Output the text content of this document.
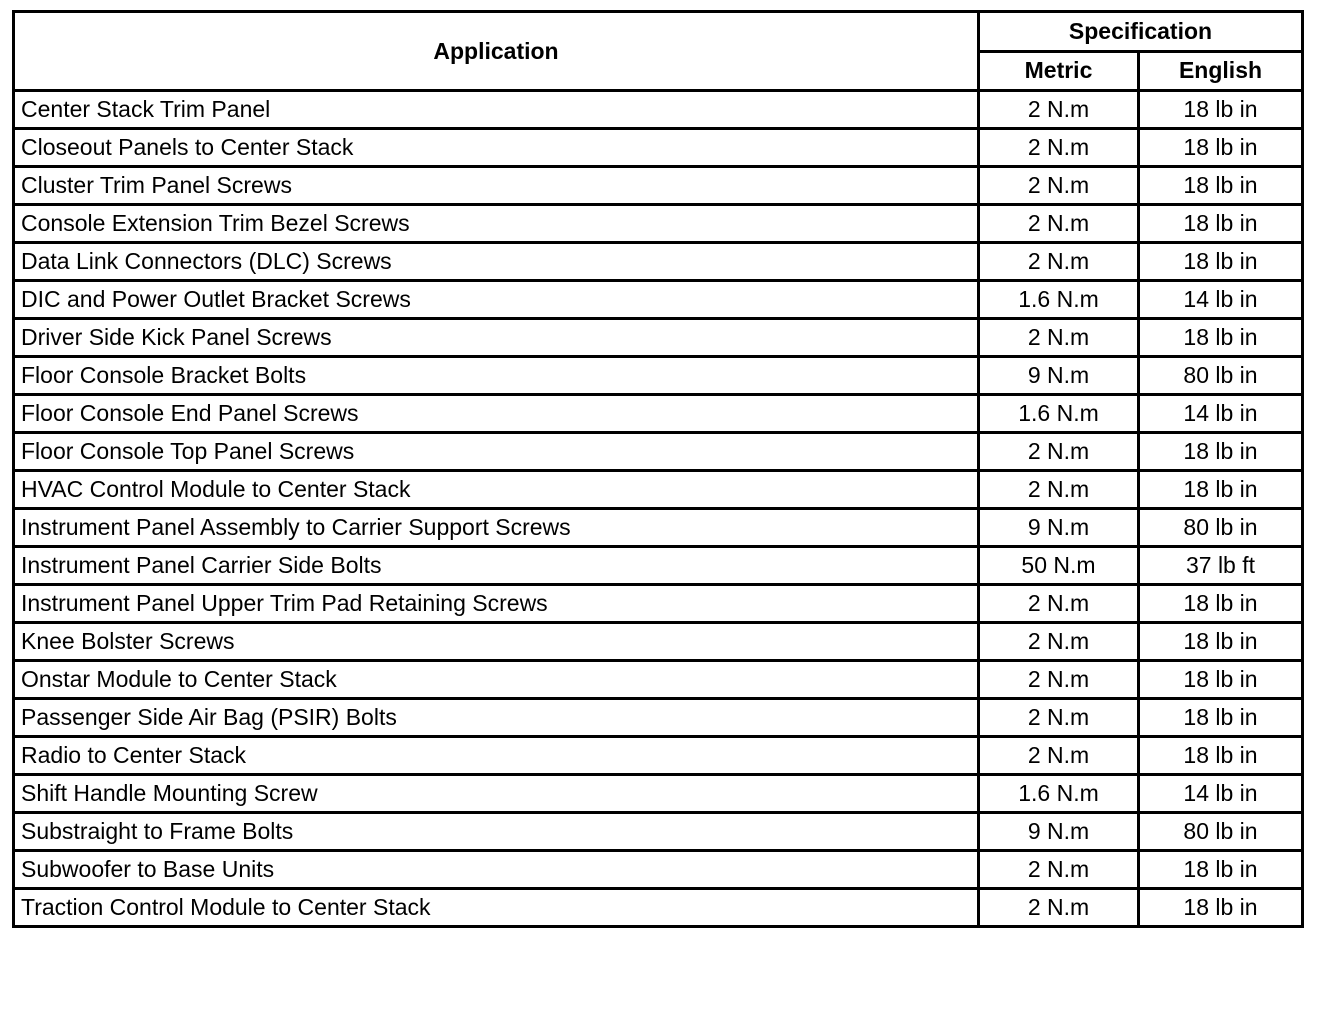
Application	Specification	
	Metric	English
Center Stack Trim Panel	2 N.m	18 lb in
Closeout Panels to Center Stack	2 N.m	18 lb in
Cluster Trim Panel Screws	2 N.m	18 lb in
Console Extension Trim Bezel Screws	2 N.m	18 lb in
Data Link Connectors (DLC) Screws	2 N.m	18 lb in
DIC and Power Outlet Bracket Screws	1.6 N.m	14 lb in
Driver Side Kick Panel Screws	2 N.m	18 lb in
Floor Console Bracket Bolts	9 N.m	80 lb in
Floor Console End Panel Screws	1.6 N.m	14 lb in
Floor Console Top Panel Screws	2 N.m	18 lb in
HVAC Control Module to Center Stack	2 N.m	18 lb in
Instrument Panel Assembly to Carrier Support Screws	9 N.m	80 lb in
Instrument Panel Carrier Side Bolts	50 N.m	37 lb ft
Instrument Panel Upper Trim Pad Retaining Screws	2 N.m	18 lb in
Knee Bolster Screws	2 N.m	18 lb in
Onstar Module to Center Stack	2 N.m	18 lb in
Passenger Side Air Bag (PSIR) Bolts	2 N.m	18 lb in
Radio to Center Stack	2 N.m	18 lb in
Shift Handle Mounting Screw	1.6 N.m	14 lb in
Substraight to Frame Bolts	9 N.m	80 lb in
Subwoofer to Base Units	2 N.m	18 lb in
Traction Control Module to Center Stack	2 N.m	18 lb in
